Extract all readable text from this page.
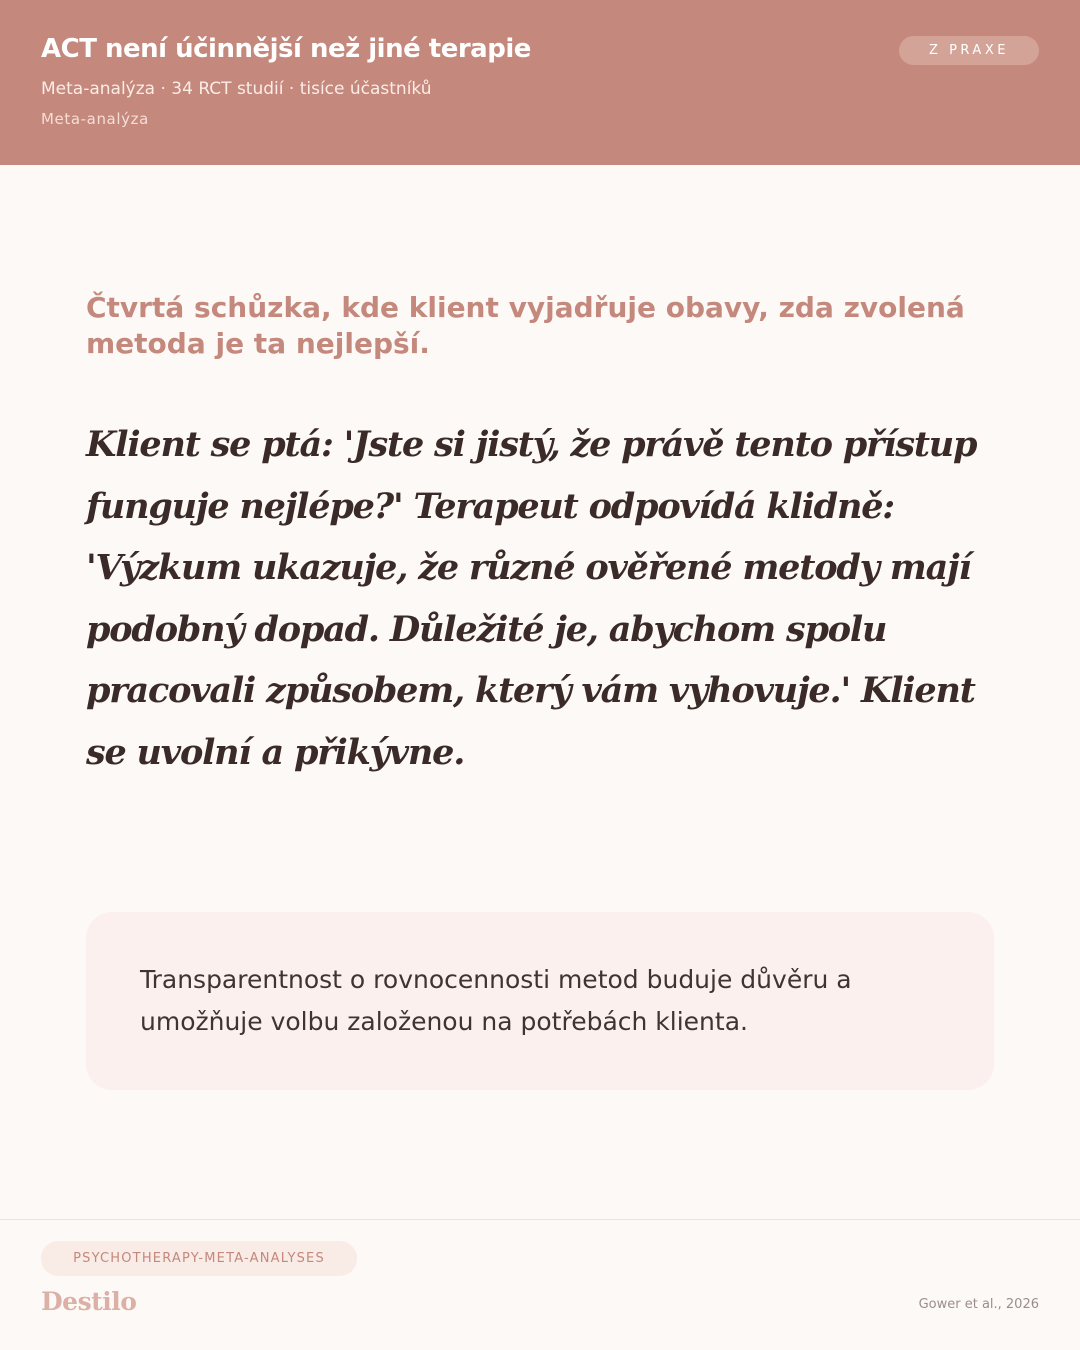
ACT není účinnější než jiné terapie

Meta-analýza · 34 RCT studií · tisíce účastníků

Meta-analýza

Z PRAXE

Čtvrtá schůzka, kde klient vyjadřuje obavy, zda zvolená metoda je ta nejlepší.

Klient se ptá: 'Jste si jistý, že právě tento přístup funguje nejlépe?' Terapeut odpovídá klidně: 'Výzkum ukazuje, že různé ověřené metody mají podobný dopad. Důležité je, abychom spolu pracovali způsobem, který vám vyhovuje.' Klient se uvolní a přikývne.

Transparentnost o rovnocennosti metod buduje důvěru a umožňuje volbu založenou na potřebách klienta.

PSYCHOTHERAPY-META-ANALYSES
Destilo	Gower et al., 2026
